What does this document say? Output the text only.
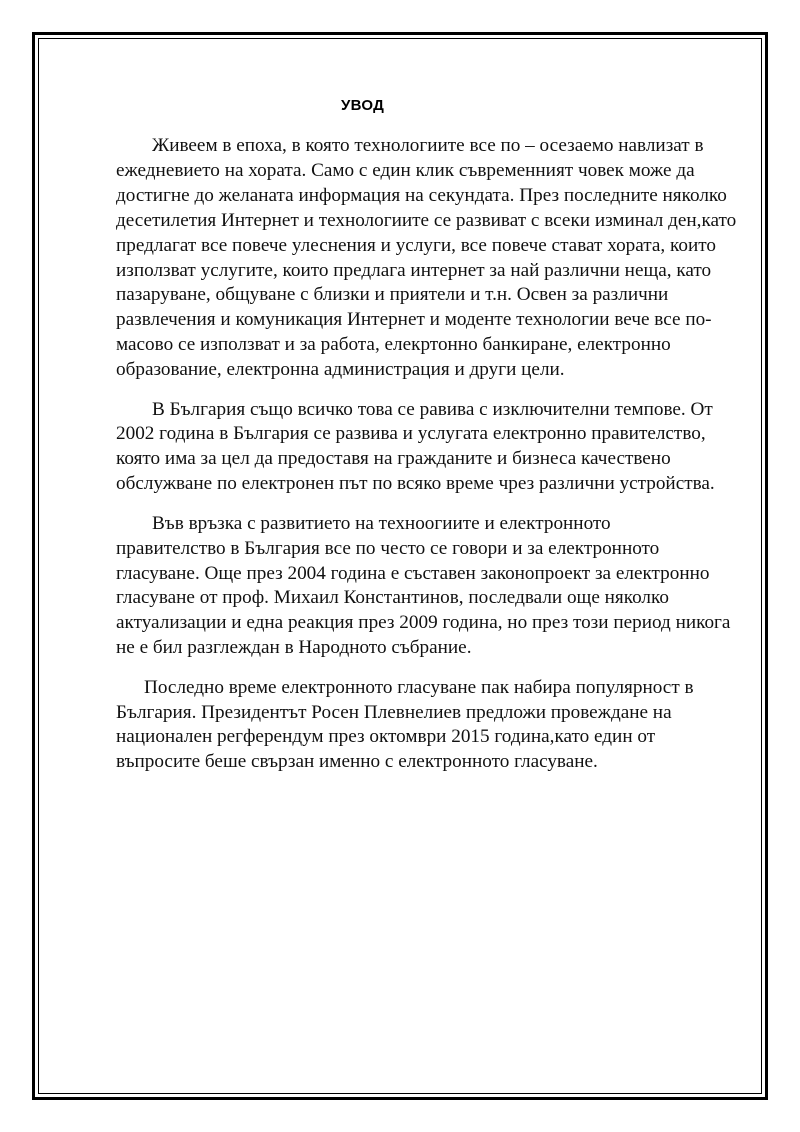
УВОД

Живеем в епоха, в която технологиите все по – осезаемо навлизат в
ежедневието на хората. Само с един клик съвременният човек може да
достигне до желаната информация на секундата. През последните няколко
десетилетия Интернет и технологиите се развиват с всеки изминал ден,като
предлагат все повече улеснения и услуги, все повече стават хората, които
използват услугите, които предлага интернет за най различни неща, като
пазаруване, общуване с близки и приятели и т.н. Освен за различни
развлечения и комуникация Интернет и моденте технологии вече все по-
масово се използват и за работа, елекртонно банкиране, електронно
образование, електронна администрация и други цели.

В България също всичко това се равива с изключителни темпове. От
2002 година в България се развива и услугата електронно правителство,
която има за цел да предоставя на гражданите и бизнеса качествено
обслужване по електронен път по всяко време чрез различни устройства.

Във връзка с развитието на техноогиите и електронното
правителство в България все по често се говори и за електронното
гласуване. Още през 2004 година е съставен законопроект за електронно
гласуване от проф. Михаил Константинов, последвали още няколко
актуализации и една реакция през 2009 година, но през този период никога
не е бил разглеждан в Народното събрание.

Последно време електронното гласуване пак набира популярност в
България. Президентът Росен Плевнелиев предложи провеждане на
национален регферендум през октомври 2015 година,като един от
въпросите беше свързан именно с електронното гласуване.
